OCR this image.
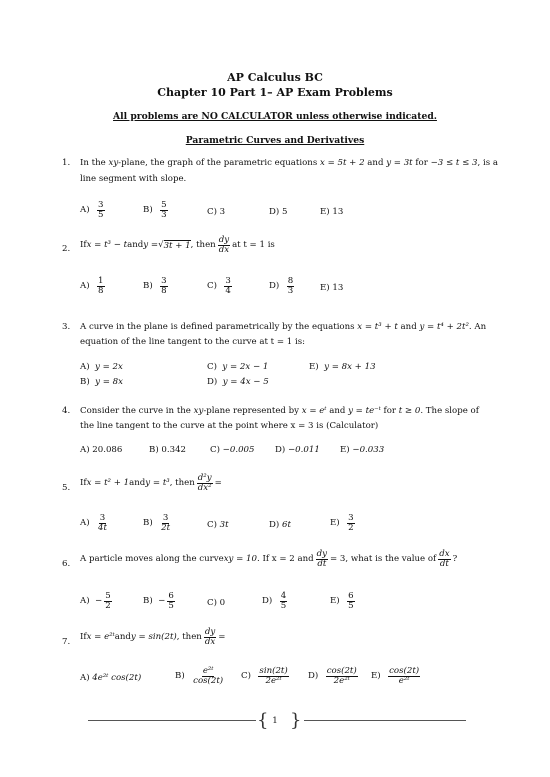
AP Calculus BC
Chapter 10 Part 1– AP Exam Problems
All problems are NO CALCULATOR unless otherwise indicated.
Parametric Curves and Derivatives
1. In the xy-plane, the graph of the parametric equations x = 5t + 2 and y = 3t for −3 ≤ t ≤ 3, is a
line segment with slope.
A)
$\frac{3}{5}$	B)
$\frac{5}{3}$	C)
3	D)
5	E)
13
2. If x = t³ − t and y = √ 3t + 1 , then $\frac{dy}{dx}$ at t = 1 is
A)
$\frac{1}{8}$	B)
$\frac{3}{8}$	C)
$\frac{3}{4}$	D)
$\frac{8}{3}$	E)
13
3. A curve in the plane is defined parametrically by the equations x = t³ + t and y = t⁴ + 2t². An
equation of the line tangent to the curve at t = 1 is:
A)
y = 2x
B)
y = 8x
C)
y = 2x − 1
D)
y = 4x − 5
E)
y = 8x + 13
4. Consider the curve in the xy-plane represented by x = eᵗ and y = te⁻ᵗ for t ≥ 0. The slope of
the line tangent to the curve at the point where x = 3 is (Calculator)
A)
20.086	B)
0.342	C)
−0.005 D)
−0.011 E)
−0.033
5. If x = t² + 1 and y = t³ , then $\frac{\text{d²y}}{\text{dx²}}$ =
A)
$\frac{3}{4t}$	B)
$\frac{3}{2t}$	C)
3t	D)
6t	E)
$\frac{3}{2}$
6. A particle moves along the curve xy = 10 . If x = 2 and $\frac{dy}{dt} = 3$ , what is the value of $\frac{dx}{dt}$ ?
A)
− $\frac{5}{2}$	B)
− $\frac{6}{5}$	C)
0	D)
$\frac{4}{5}$	E)
$\frac{6}{5}$
7. If x = e²ᵗ and y = sin(2t) , then $\frac{dy}{dx}$ =
A)
4e²ᵗ cos(2t)	B)
$\frac{\text{e²ᵗ}}{\cos(2t)} C$)
$\frac{\sin(2t)}{\text{2e²ᵗ}} D$)
$\frac{\cos(2t)}{\text{2e²ᵗ}} E$)
$\frac{\cos(2t)}{\text{e²ᵗ}}$
{ }
1
